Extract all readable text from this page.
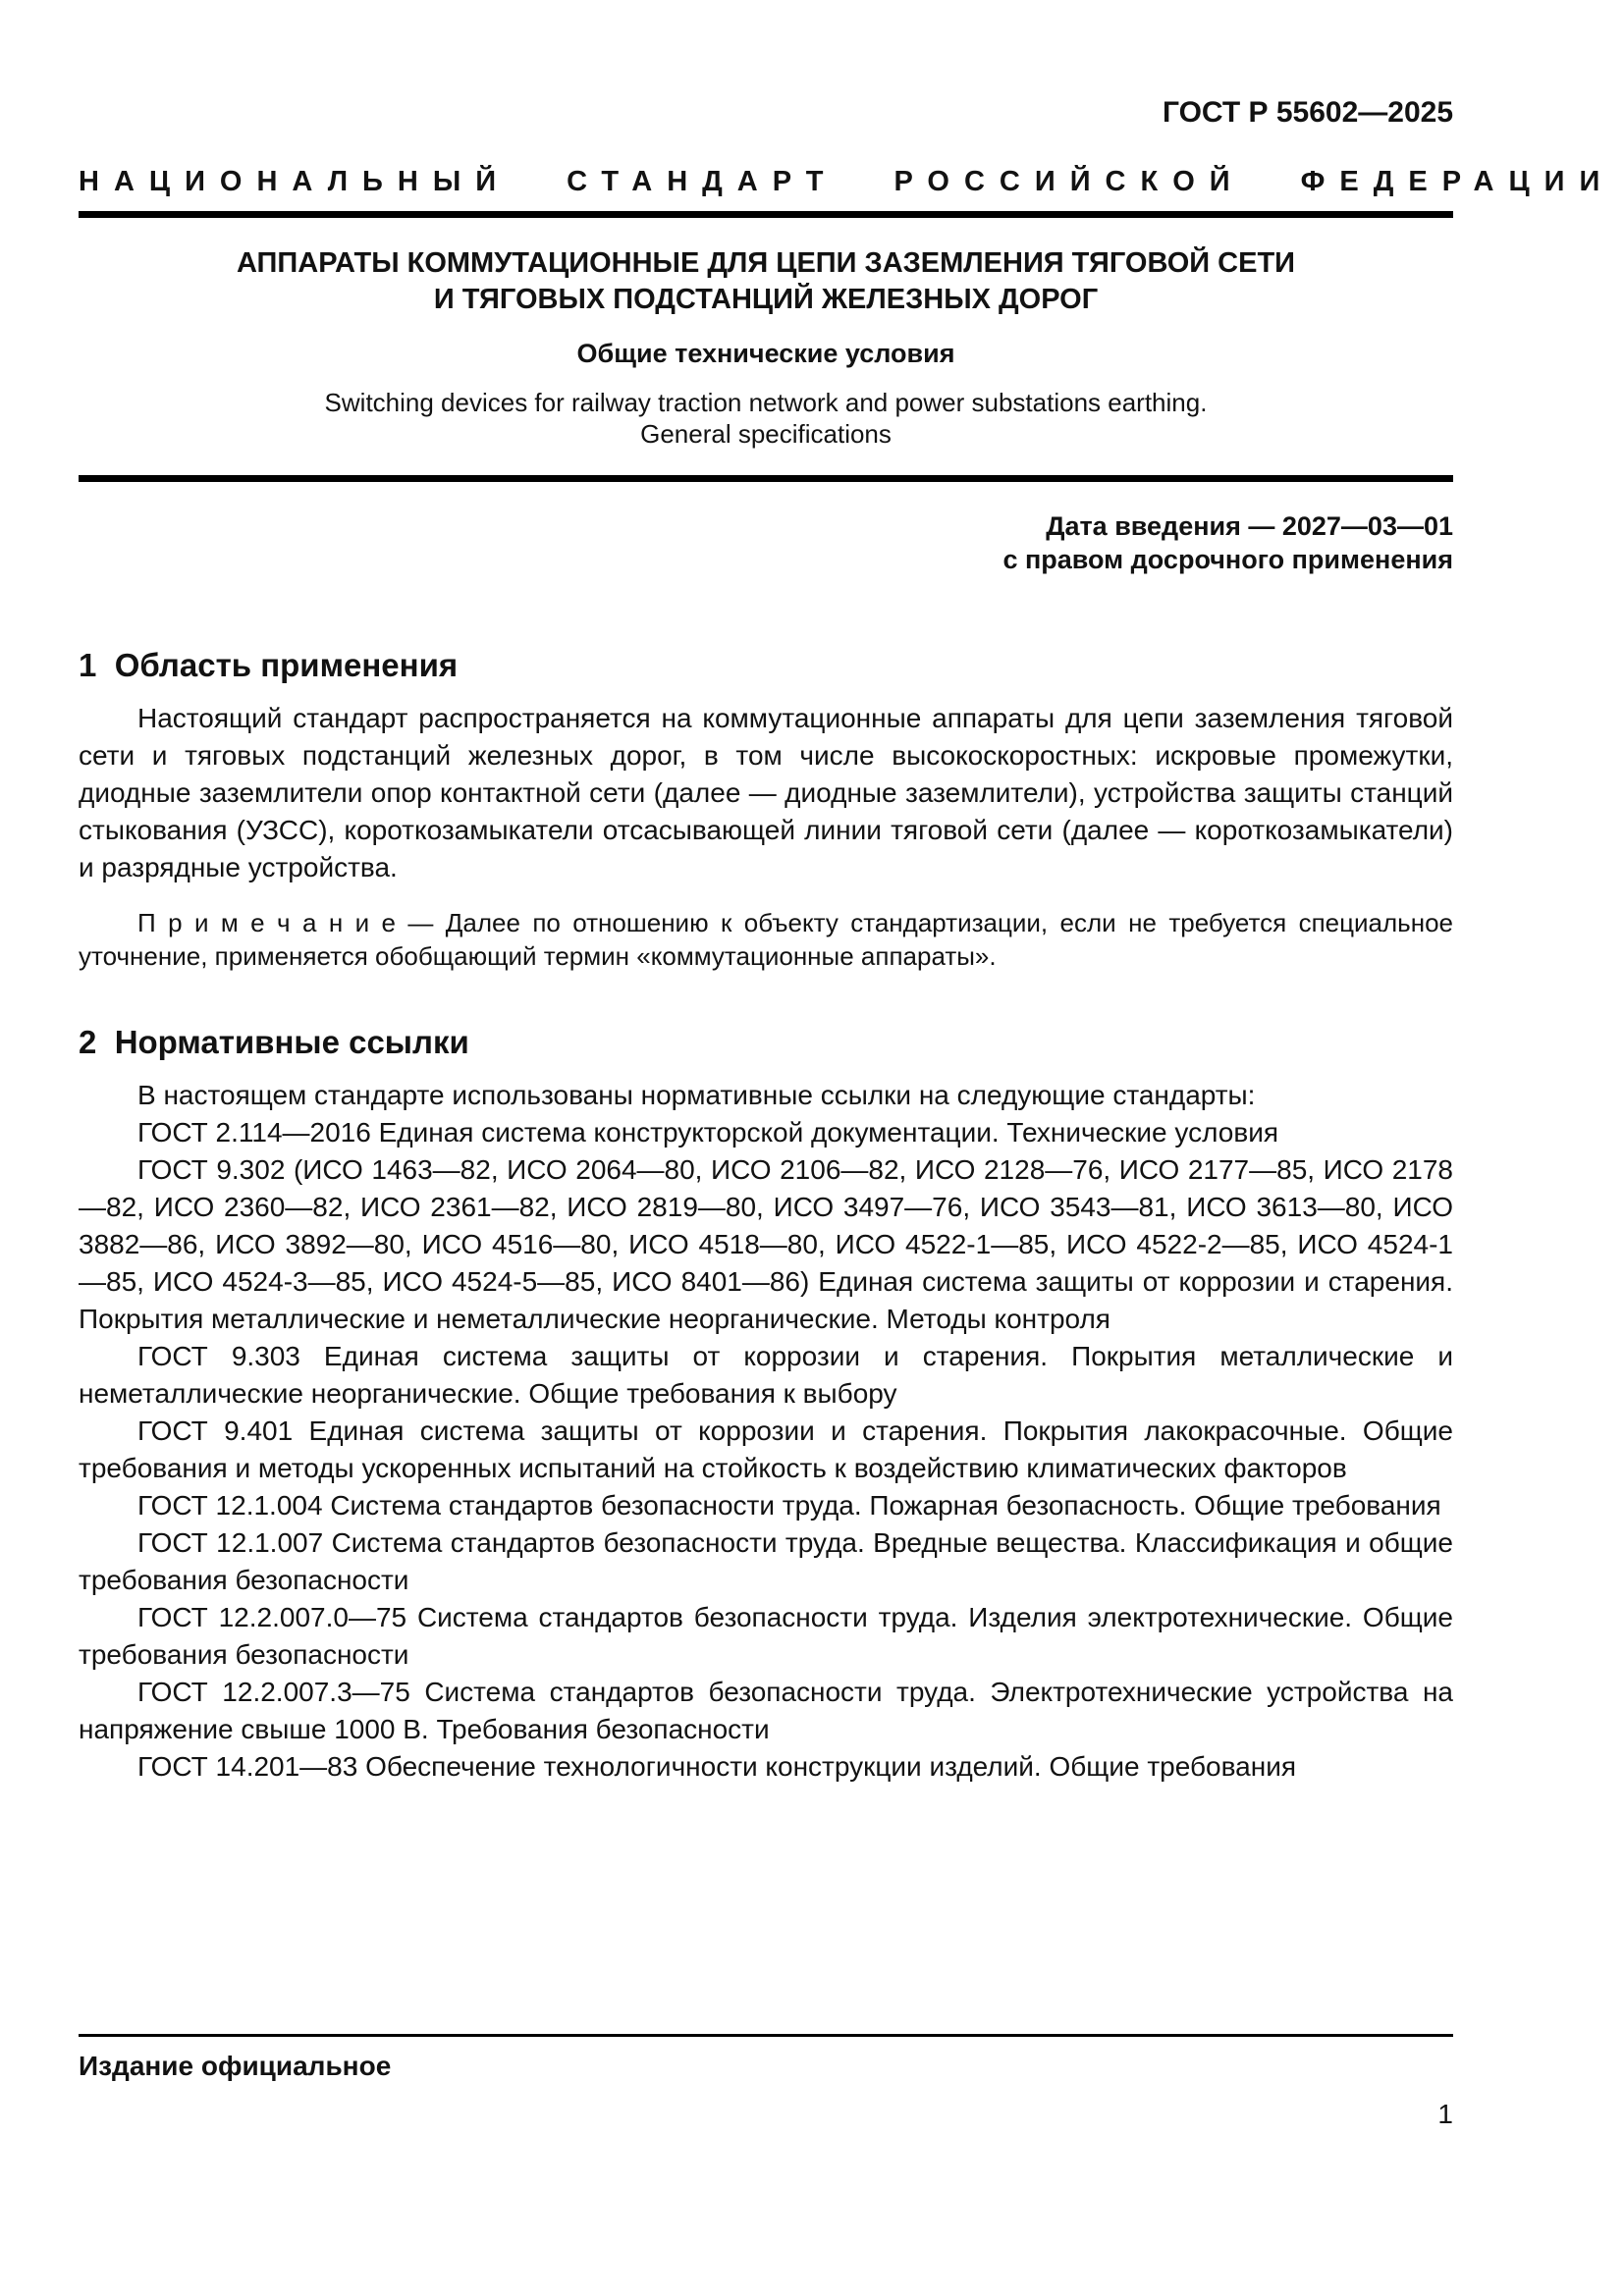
ГОСТ Р 55602—2025
НАЦИОНАЛЬНЫЙ СТАНДАРТ РОССИЙСКОЙ ФЕДЕРАЦИИ
АППАРАТЫ КОММУТАЦИОННЫЕ ДЛЯ ЦЕПИ ЗАЗЕМЛЕНИЯ ТЯГОВОЙ СЕТИ
И ТЯГОВЫХ ПОДСТАНЦИЙ ЖЕЛЕЗНЫХ ДОРОГ
Общие технические условия
Switching devices for railway traction network and power substations earthing.
General specifications
Дата введения — 2027—03—01
с правом досрочного применения
1  Область применения

Настоящий стандарт распространяется на коммутационные аппараты для цепи заземления тяговой сети и тяговых подстанций железных дорог, в том числе высокоскоростных: искровые промежутки, диодные заземлители опор контактной сети (далее — диодные заземлители), устройства защиты станций стыкования (УЗСС), короткозамыкатели отсасывающей линии тяговой сети (далее — короткозамыкатели) и разрядные устройства.

П р и м е ч а н и е — Далее по отношению к объекту стандартизации, если не требуется специальное уточнение, применяется обобщающий термин «коммутационные аппараты».

2  Нормативные ссылки

В настоящем стандарте использованы нормативные ссылки на следующие стандарты:

ГОСТ 2.114—2016 Единая система конструкторской документации. Технические условия

ГОСТ 9.302 (ИСО 1463—82, ИСО 2064—80, ИСО 2106—82, ИСО 2128—76, ИСО 2177—85, ИСО 2178—82, ИСО 2360—82, ИСО 2361—82, ИСО 2819—80, ИСО 3497—76, ИСО 3543—81, ИСО 3613—80, ИСО 3882—86, ИСО 3892—80, ИСО 4516—80, ИСО 4518—80, ИСО 4522-1—85, ИСО 4522-2—85, ИСО 4524-1—85, ИСО 4524-3—85, ИСО 4524-5—85, ИСО 8401—86) Единая система защиты от коррозии и старения. Покрытия металлические и неметаллические неорганические. Методы контроля

ГОСТ 9.303 Единая система защиты от коррозии и старения. Покрытия металлические и неметаллические неорганические. Общие требования к выбору

ГОСТ 9.401 Единая система защиты от коррозии и старения. Покрытия лакокрасочные. Общие требования и методы ускоренных испытаний на стойкость к воздействию климатических факторов

ГОСТ 12.1.004 Система стандартов безопасности труда. Пожарная безопасность. Общие требования

ГОСТ 12.1.007 Система стандартов безопасности труда. Вредные вещества. Классификация и общие требования безопасности

ГОСТ 12.2.007.0—75 Система стандартов безопасности труда. Изделия электротехнические. Общие требования безопасности

ГОСТ 12.2.007.3—75 Система стандартов безопасности труда. Электротехнические устройства на напряжение свыше 1000 В. Требования безопасности

ГОСТ 14.201—83 Обеспечение технологичности конструкции изделий. Общие требования

Издание официальное
1
